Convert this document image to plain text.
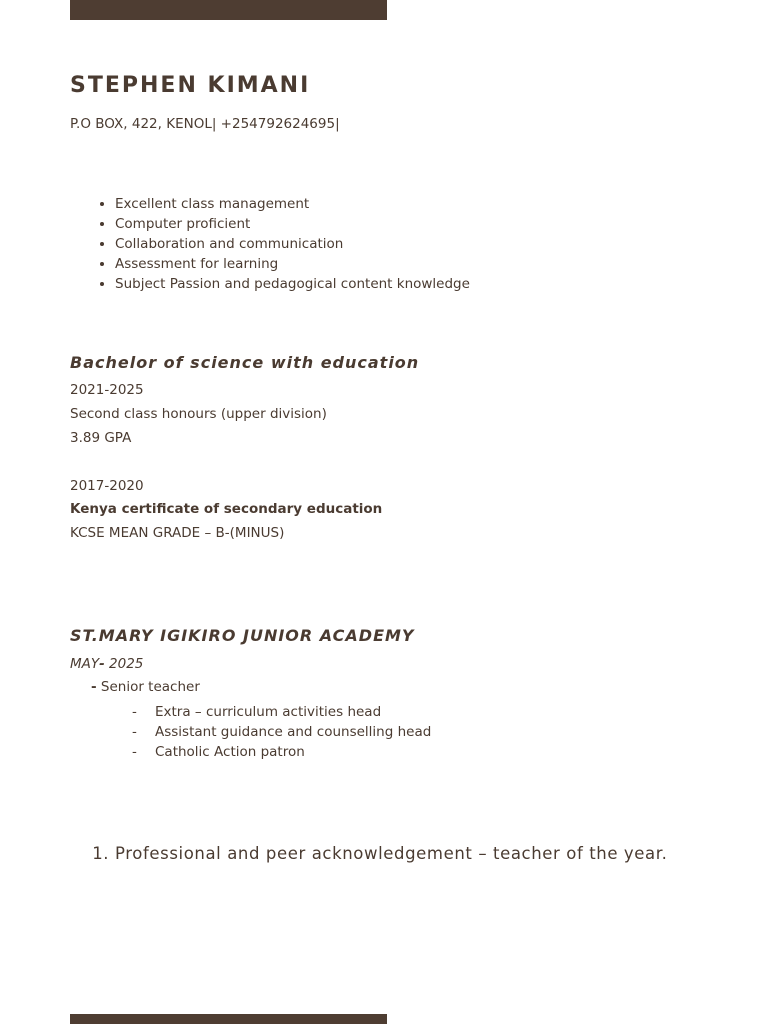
STEPHEN KIMANI

P.O BOX, 422, KENOL| +254792624695|

• Excellent class management
• Computer proficient
• Collaboration and communication
• Assessment for learning
• Subject Passion and pedagogical content knowledge
Bachelor of science with education

2021-2025

Second class honours (upper division)

3.89 GPA

2017-2020

Kenya certificate of secondary education

KCSE MEAN GRADE – B-(MINUS)

ST.MARY IGIKIRO JUNIOR ACADEMY

MAY- 2025

- Senior teacher

- Extra – curriculum activities head
- Assistant guidance and counselling head
- Catholic Action patron
1. Professional and peer acknowledgement – teacher of the year.
